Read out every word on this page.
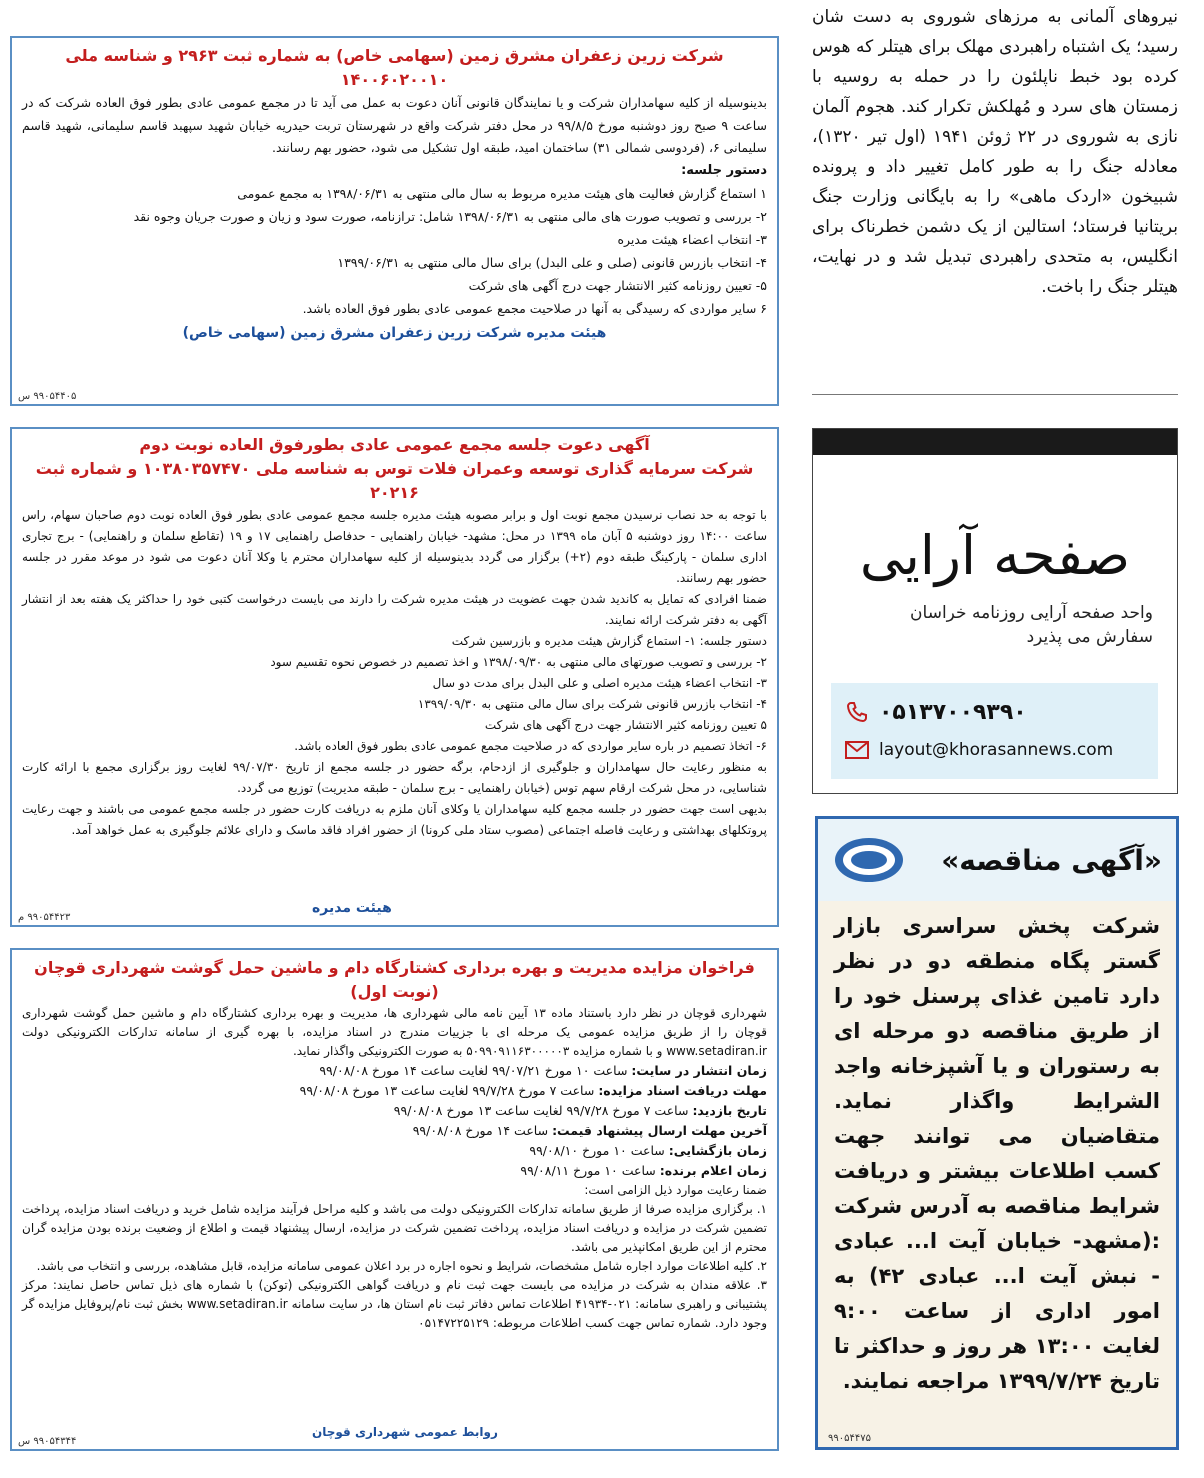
شرکت زرین زعفران مشرق زمین (سهامی خاص) به شماره ثبت ۲۹۶۳ و شناسه ملی ۱۴۰۰۶۰۲۰۰۱۰

بدینوسیله از کلیه سهامداران شرکت و یا نمایندگان قانونی آنان دعوت به عمل می آید تا در مجمع عمومی عادی بطور فوق العاده شرکت که در ساعت ۹ صبح روز دوشنبه مورخ ۹۹/۸/۵ در محل دفتر شرکت واقع در شهرستان تربت حیدریه خیابان شهید سپهبد قاسم سلیمانی، شهید قاسم سلیمانی ۶، (فردوسی شمالی ۳۱) ساختمان امید، طبقه اول تشکیل می شود، حضور بهم رسانند.

دستور جلسه:
۱ استماع گزارش فعالیت های هیئت مدیره مربوط به سال مالی منتهی به ۱۳۹۸/۰۶/۳۱ به مجمع عمومی
۲- بررسی و تصویب صورت های مالی منتهی به ۱۳۹۸/۰۶/۳۱ شامل: ترازنامه، صورت سود و زیان و صورت جریان وجوه نقد
۳- انتخاب اعضاء هیئت مدیره
۴- انتخاب بازرس قانونی (صلی و علی البدل) برای سال مالی منتهی به ۱۳۹۹/۰۶/۳۱
۵- تعیین روزنامه کثیر الانتشار جهت درج آگهی های شرکت
۶ سایر مواردی که رسیدگی به آنها در صلاحیت مجمع عمومی عادی بطور فوق العاده باشد.
هیئت مدیره شرکت زرین زعفران مشرق زمین (سهامی خاص)
۹۹۰۵۴۴۰۵ س
آگهی دعوت جلسه مجمع عمومی عادی بطورفوق العاده نوبت دوم
شرکت سرمایه گذاری توسعه وعمران فلات توس به شناسه ملی ۱۰۳۸۰۳۵۷۴۷۰ و شماره ثبت ۲۰۲۱۶

با توجه به حد نصاب نرسیدن مجمع نوبت اول و برابر مصوبه هیئت مدیره جلسه مجمع عمومی عادی بطور فوق العاده نوبت دوم صاحبان سهام، راس ساعت ۱۴:۰۰ روز دوشنبه ۵ آبان ماه ۱۳۹۹ در محل: مشهد- خیابان راهنمایی - حدفاصل راهنمایی ۱۷ و ۱۹ (تقاطع سلمان و راهنمایی) - برج تجاری اداری سلمان - پارکینگ طبقه دوم (۲+) برگزار می گردد بدینوسیله از کلیه سهامداران محترم یا وکلا آنان دعوت می شود در موعد مقرر در جلسه حضور بهم رسانند.

ضمنا افرادی که تمایل به کاندید شدن جهت عضویت در هیئت مدیره شرکت را دارند می بایست درخواست کتبی خود را حداکثر یک هفته بعد از انتشار آگهی به دفتر شرکت ارائه نمایند.

دستور جلسه: ۱- استماع گزارش هیئت مدیره و بازرسین شرکت
۲- بررسی و تصویب صورتهای مالی منتهی به ۱۳۹۸/۰۹/۳۰ و اخذ تصمیم در خصوص نحوه تقسیم سود
۳- انتخاب اعضاء هیئت مدیره اصلی و علی البدل برای مدت دو سال
۴- انتخاب بازرس قانونی شرکت برای سال مالی منتهی به ۱۳۹۹/۰۹/۳۰
۵ تعیین روزنامه کثیر الانتشار جهت درج آگهی های شرکت
۶- اتخاذ تصمیم در باره سایر مواردی که در صلاحیت مجمع عمومی عادی بطور فوق العاده باشد.

به منظور رعایت حال سهامداران و جلوگیری از ازدحام، برگه حضور در جلسه مجمع از تاریخ ۹۹/۰۷/۳۰ لغایت روز برگزاری مجمع با ارائه کارت شناسایی، در محل شرکت ارقام سهم توس (خیابان راهنمایی - برج سلمان - طبقه مدیریت) توزیع می گردد.

بدیهی است جهت حضور در جلسه مجمع کلیه سهامداران یا وکلای آنان ملزم به دریافت کارت حضور در جلسه مجمع عمومی می باشند و جهت رعایت پروتکلهای بهداشتی و رعایت فاصله اجتماعی (مصوب ستاد ملی کرونا) از حضور افراد فاقد ماسک و دارای علائم جلوگیری به عمل خواهد آمد.

هیئت مدیره
۹۹۰۵۴۴۲۳ م
فراخوان مزایده مدیریت و بهره برداری کشتارگاه دام و ماشین حمل گوشت شهرداری قوچان (نوبت اول)

شهرداری قوچان در نظر دارد باستناد ماده ۱۳ آیین نامه مالی شهرداری ها، مدیریت و بهره برداری کشتارگاه دام و ماشین حمل گوشت شهرداری قوچان را از طریق مزایده عمومی یک مرحله ای با جزییات مندرج در اسناد مزایده، با بهره گیری از سامانه تدارکات الکترونیکی دولت www.setadiran.ir و با شماره مزایده ۵۰۹۹۰۹۱۱۶۳۰۰۰۰۰۳ به صورت الکترونیکی واگذار نماید.

زمان انتشار در سایت: ساعت ۱۰ مورخ ۹۹/۰۷/۲۱ لغایت ساعت ۱۴ مورخ ۹۹/۰۸/۰۸
مهلت دریافت اسناد مزایده: ساعت ۷ مورخ ۹۹/۷/۲۸ لغایت ساعت ۱۳ مورخ ۹۹/۰۸/۰۸
تاریخ بازدید: ساعت ۷ مورخ ۹۹/۷/۲۸ لغایت ساعت ۱۳ مورخ ۹۹/۰۸/۰۸
آخرین مهلت ارسال پیشنهاد قیمت: ساعت ۱۴ مورخ ۹۹/۰۸/۰۸
زمان بازگشایی: ساعت ۱۰ مورخ ۹۹/۰۸/۱۰
زمان اعلام برنده: ساعت ۱۰ مورخ ۹۹/۰۸/۱۱
ضمنا رعایت موارد ذیل الزامی است:

۱. برگزاری مزایده صرفا از طریق سامانه تدارکات الکترونیکی دولت می باشد و کلیه مراحل فرآیند مزایده شامل خرید و دریافت اسناد مزایده، پرداخت تضمین شرکت در مزایده و دریافت اسناد مزایده، پرداخت تضمین شرکت در مزایده، ارسال پیشنهاد قیمت و اطلاع از وضعیت برنده بودن مزایده گران محترم از این طریق امکانپذیر می باشد.

۲. کلیه اطلاعات موارد اجاره شامل مشخصات، شرایط و نحوه اجاره در برد اعلان عمومی سامانه مزایده، قابل مشاهده، بررسی و انتخاب می باشد.

۳. علاقه مندان به شرکت در مزایده می بایست جهت ثبت نام و دریافت گواهی الکترونیکی (توکن) با شماره های ذیل تماس حاصل نمایند: مرکز پشتیبانی و راهبری سامانه: ۰۲۱-۴۱۹۳۴ اطلاعات تماس دفاتر ثبت نام استان ها، در سایت سامانه www.setadiran.ir بخش ثبت نام/پروفایل مزایده گر وجود دارد. شماره تماس جهت کسب اطلاعات مربوطه: ۰۵۱۴۷۲۲۵۱۲۹

روابط عمومی شهرداری قوچان
۹۹۰۵۴۳۴۴ س
نیروهای آلمانی به مرزهای شوروی به دست شان رسید؛ یک اشتباه راهبردی مهلک برای هیتلر که هوس کرده بود خبط ناپلئون را در حمله به روسیه با زمستان های سرد و مُهلکش تکرار کند. هجوم آلمان نازی به شوروی در ۲۲ ژوئن ۱۹۴۱ (اول تیر ۱۳۲۰)، معادله جنگ را به طور کامل تغییر داد و پرونده شبیخون «اردک ماهی» را به بایگانی وزارت جنگ بریتانیا فرستاد؛ استالین از یک دشمن خطرناک برای انگلیس، به متحدی راهبردی تبدیل شد و در نهایت، هیتلر جنگ را باخت.
صفحه آرایی
واحد صفحه آرایی روزنامه خراسان
سفارش می پذیرد
۰۵۱۳۷۰۰۹۳۹۰
layout@khorasannews.com
«آگهی مناقصه»
شرکت پخش سراسری بازار گستر پگاه منطقه دو در نظر دارد تامین غذای پرسنل خود را از طریق مناقصه دو مرحله ای به رستوران و یا آشپزخانه واجد الشرایط واگذار نماید. متقاضیان می توانند جهت کسب اطلاعات بیشتر و دریافت شرایط مناقصه به آدرس شرکت :(مشهد- خیابان آیت ا... عبادی - نبش آیت ا... عبادی ۴۲) به امور اداری از ساعت ۹:۰۰ لغایت ۱۳:۰۰ هر روز و حداکثر تا تاریخ ۱۳۹۹/۷/۲۴ مراجعه نمایند.
۹۹۰۵۴۴۷۵
